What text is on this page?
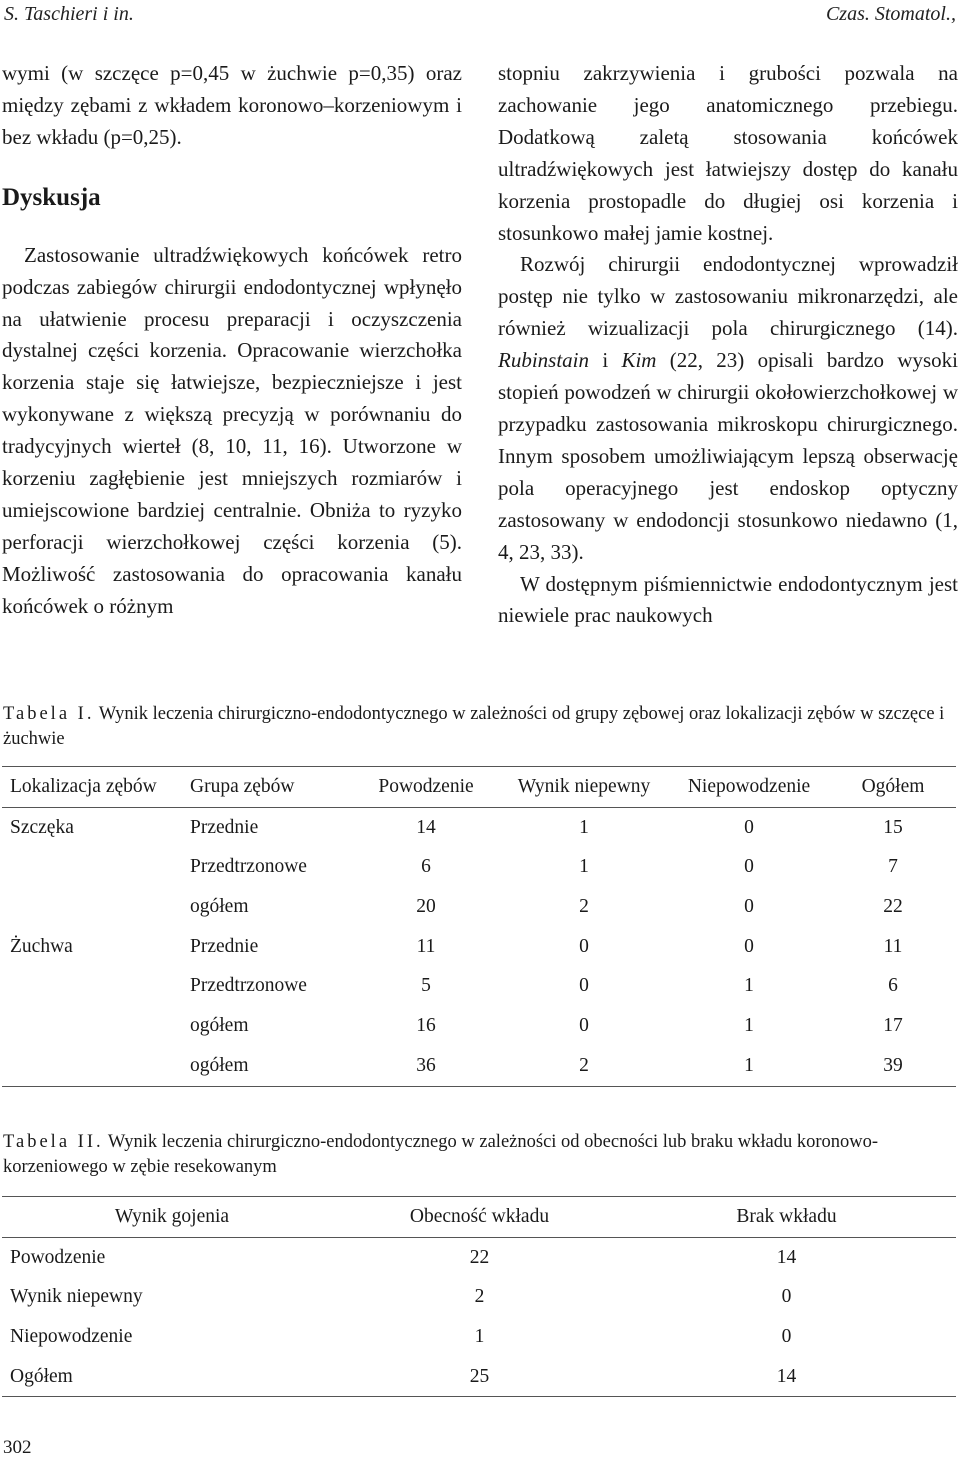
S. Taschieri i in.	Czas. Stomatol.,

wymi (w szczęce p=0,45 w żuchwie p=0,35) oraz między zębami z wkładem koronowo–korzeniowym i bez wkładu (p=0,25).

Dyskusja

Zastosowanie ultradźwiękowych końcówek retro podczas zabiegów chirurgii endodontycznej wpłynęło na ułatwienie procesu preparacji i oczyszczenia dystalnej części korzenia. Opracowanie wierzchołka korzenia staje się łatwiejsze, bezpieczniejsze i jest wykonywane z większą precyzją w porównaniu do tradycyjnych wierteł (8, 10, 11, 16). Utworzone w korzeniu zagłębienie jest mniejszych rozmiarów i umiejscowione bardziej centralnie. Obniża to ryzyko perforacji wierzchołkowej części korzenia (5). Możliwość zastosowania do opracowania kanału końcówek o różnym

stopniu zakrzywienia i grubości pozwala na zachowanie jego anatomicznego przebiegu. Dodatkową zaletą stosowania końcówek ultradźwiękowych jest łatwiejszy dostęp do kanału korzenia prostopadle do długiej osi korzenia i stosunkowo małej jamie kostnej.

Rozwój chirurgii endodontycznej wprowadził postęp nie tylko w zastosowaniu mikronarzędzi, ale również wizualizacji pola chirurgicznego (14). Rubinstain i Kim (22, 23) opisali bardzo wysoki stopień powodzeń w chirurgii okołowierzchołkowej w przypadku zastosowania mikroskopu chirurgicznego. Innym sposobem umożliwiającym lepszą obserwację pola operacyjnego jest endoskop optyczny zastosowany w endodoncji stosunkowo niedawno (1, 4, 23, 33).

W dostępnym piśmiennictwie endodontycznym jest niewiele prac naukowych

Tabela I. Wynik leczenia chirurgiczno-endodontycznego w zależności od grupy zębowej oraz lokalizacji zębów w szczęce i żuchwie
Lokalizacja zębów	Grupa zębów	Powodzenie	Wynik niepewny	Niepowodzenie	Ogółem
Szczęka	Przednie	14	1	0	15
	Przedtrzonowe	6	1	0	7
	ogółem	20	2	0	22
Żuchwa	Przednie	11	0	0	11
	Przedtrzonowe	5	0	1	6
	ogółem	16	0	1	17
	ogółem	36	2	1	39
Tabela II. Wynik leczenia chirurgiczno-endodontycznego w zależności od obecności lub braku wkładu koronowo-korzeniowego w zębie resekowanym
Wynik gojenia	Obecność wkładu	Brak wkładu
Powodzenie	22	14
Wynik niepewny	2	0
Niepowodzenie	1	0
Ogółem	25	14
302
